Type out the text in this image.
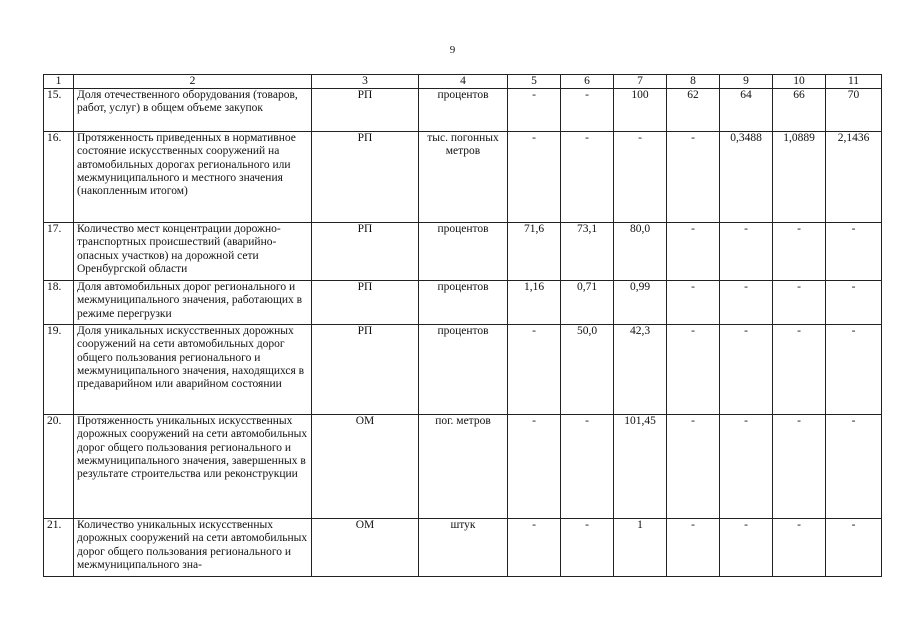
9
1	2	3	4	5	6	7	8	9	10	11
15.	Доля отечественного оборудования (товаров, работ, услуг) в общем объеме закупок	РП	процентов	-	-	100	62	64	66	70
16.	Протяженность приведенных в нормативное состояние искусственных сооружений на автомобильных дорогах регионального или межмуниципального и местного значения (накопленным итогом)	РП	тыс. погонных метров	-	-	-	-	0,3488	1,0889	2,1436
17.	Количество мест концентрации дорожно-транспортных происшествий (аварийно-опасных участков) на дорожной сети Оренбургской области	РП	процентов	71,6	73,1	80,0	-	-	-	-
18.	Доля автомобильных дорог регионального и межмуниципального значения, работающих в режиме перегрузки	РП	процентов	1,16	0,71	0,99	-	-	-	-
19.	Доля уникальных искусственных дорожных сооружений на сети автомобильных дорог общего пользования регионального и межмуниципального значения, находящихся в предаварийном или аварийном состоянии	РП	процентов	-	50,0	42,3	-	-	-	-
20.	Протяженность уникальных искусственных дорожных сооружений на сети автомобильных дорог общего пользования регионального и межмуниципального значения, завершенных в результате строительства или реконструкции	ОМ	пог. метров	-	-	101,45	-	-	-	-
21.	Количество уникальных искусственных дорожных сооружений на сети автомобильных дорог общего пользования регионального и межмуниципального зна-	ОМ	штук	-	-	1	-	-	-	-
